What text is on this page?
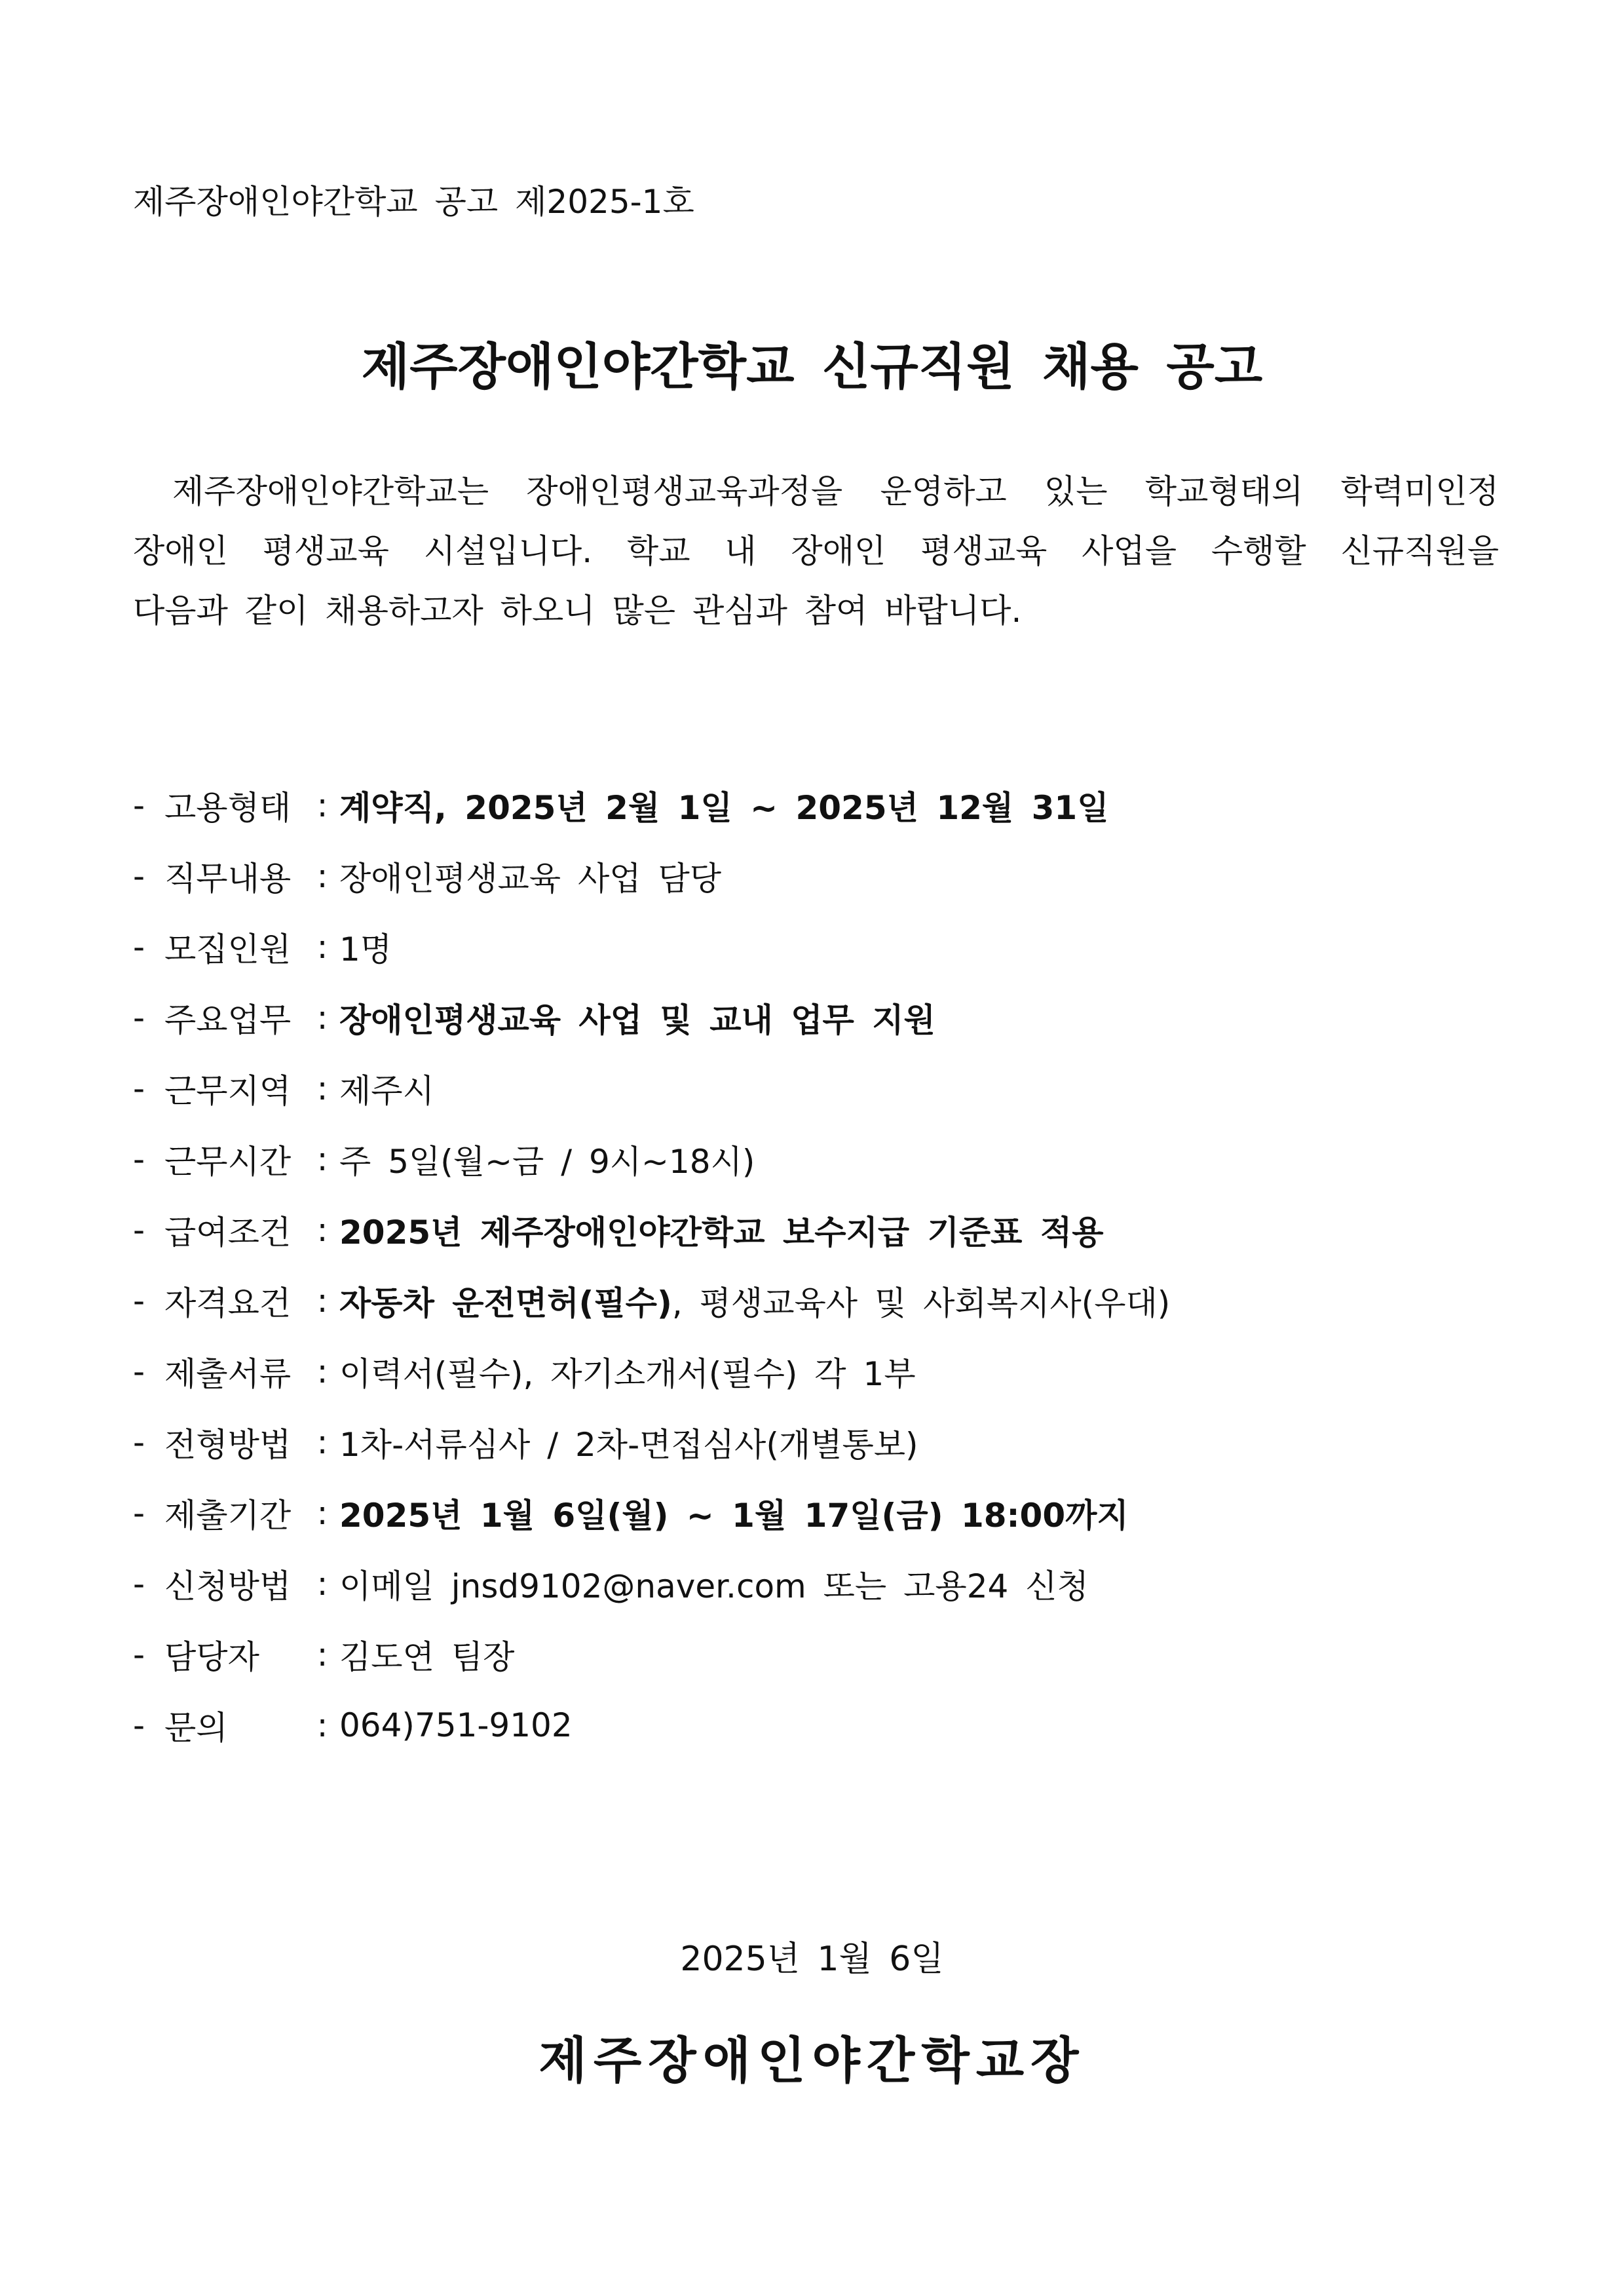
제주장애인야간학교 공고 제2025-1호
제주장애인야간학교 신규직원 채용 공고
제주장애인야간학교는 장애인평생교육과정을 운영하고 있는 학교형태의 학력미인정
장애인 평생교육 시설입니다. 학교 내 장애인 평생교육 사업을 수행할 신규직원을
다음과 같이 채용하고자 하오니 많은 관심과 참여 바랍니다.
- 고용형태 : 계약직, 2025년 2월 1일 ~ 2025년 12월 31일
- 직무내용 : 장애인평생교육 사업 담당
- 모집인원 : 1명
- 주요업무 : 장애인평생교육 사업 및 교내 업무 지원
- 근무지역 : 제주시
- 근무시간 : 주 5일(월~금 / 9시~18시)
- 급여조건 : 2025년 제주장애인야간학교 보수지급 기준표 적용
- 자격요건 : 자동차 운전면허(필수), 평생교육사 및 사회복지사(우대)
- 제출서류 : 이력서(필수), 자기소개서(필수) 각 1부
- 전형방법 : 1차-서류심사 / 2차-면접심사(개별통보)
- 제출기간 : 2025년 1월 6일(월) ~ 1월 17일(금) 18:00까지
- 신청방법 : 이메일 jnsd9102@naver.com 또는 고용24 신청
- 담당자	: 김도연 팀장
- 문의	: 064)751-9102
2025년 1월 6일
제주장애인야간학교장
